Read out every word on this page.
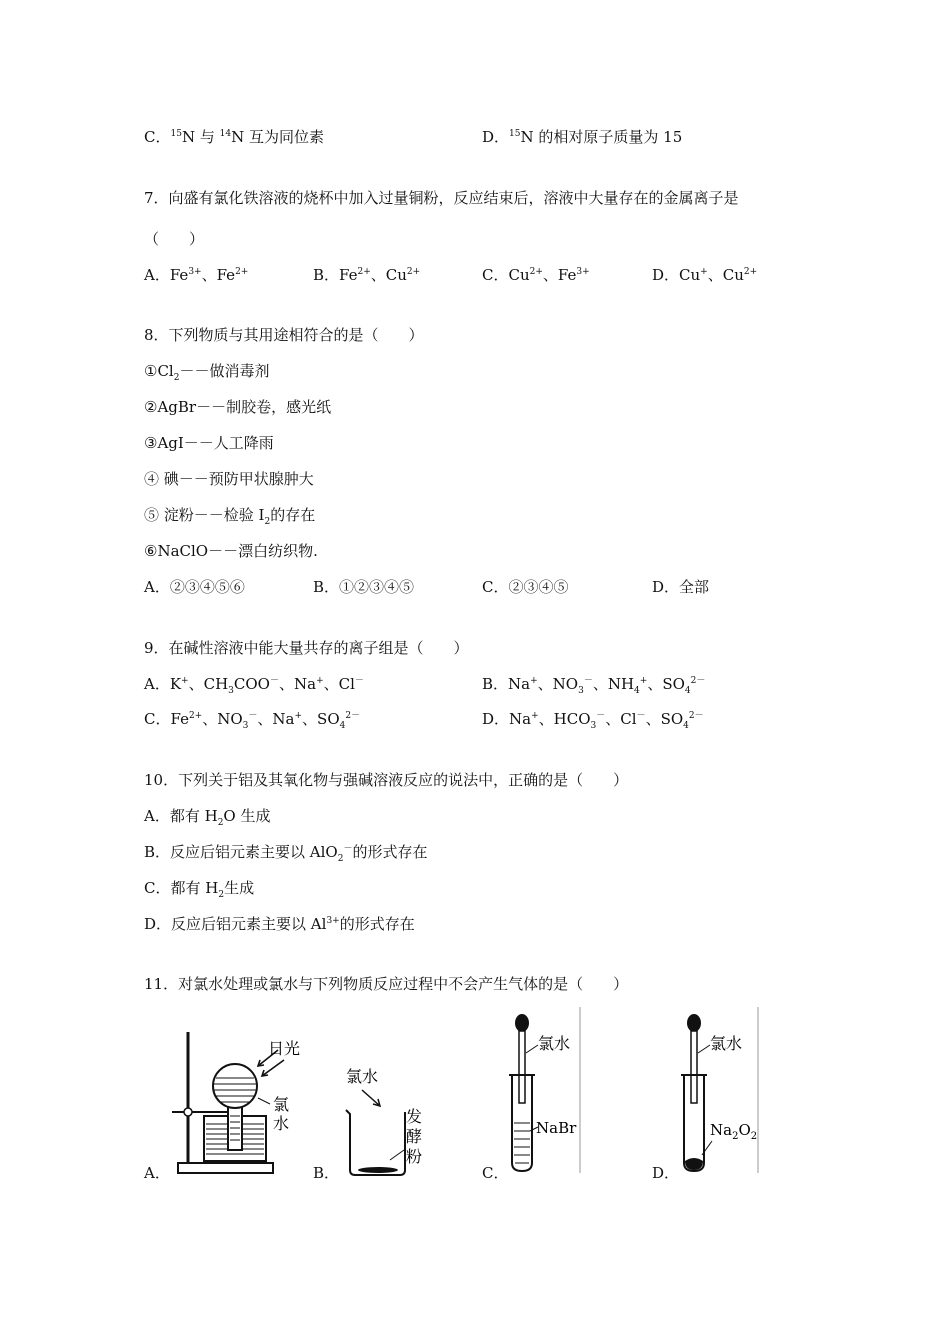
C．$^{15}$N 与 $^{14}$N 互为同位素	D．$^{15}$N 的相对原子质量为 15
7．向盛有氯化铁溶液的烧杯中加入过量铜粉，反应结束后，溶液中大量存在的金属离子是
（　　）
A．$Fe^{3+}$、$Fe^{2+}$	B．$Fe^{2+}$、$Cu^{2+}$	C．$Cu^{2+}$、$Fe^{3+}$	D．Cu+、$Cu^{2+}$
8．下列物质与其用途相符合的是（　　）
$①Cl_2--$做消毒剂
②AgBr－－制胶卷，感光纸
③AgI－－人工降雨
④ 碘－－预防甲状腺肿大
⑤ 淀粉－－检验 $I_2$的存在
⑥NaClO－－漂白纺织物.
A．②③④⑤⑥	B．①②③④⑤	C．②③④⑤	D．全部
9．在碱性溶液中能大量共存的离子组是（　　）
A．K+、$CH_3COO^-$、Na+、Cl－	B．Na+、$NO_3^-$、$NH_4^+$、$SO_4^{2-}$
C．$Fe^{2+}$、$NO_3^-$、Na+、$SO_4^{2-}$	D．Na+、$HCO_3^-$、Cl－、$SO_4^{2-}$
10．下列关于铝及其氧化物与强碱溶液反应的说法中，正确的是（　　）
A．都有 $H_2O$ 生成
B．反应后铝元素主要以 AlO$_2$－的形式存在
C．都有 $H_2$生成
D．反应后铝元素主要以 $Al^{3+}$的形式存在
11．对氯水处理或氯水与下列物质反应过程中不会产生气体的是（　　）
A．	B．	C．	D．
日光
氯
水
氯水
发
酵
粉
氯水
NaBr
氯水
$Na_2O_2$
